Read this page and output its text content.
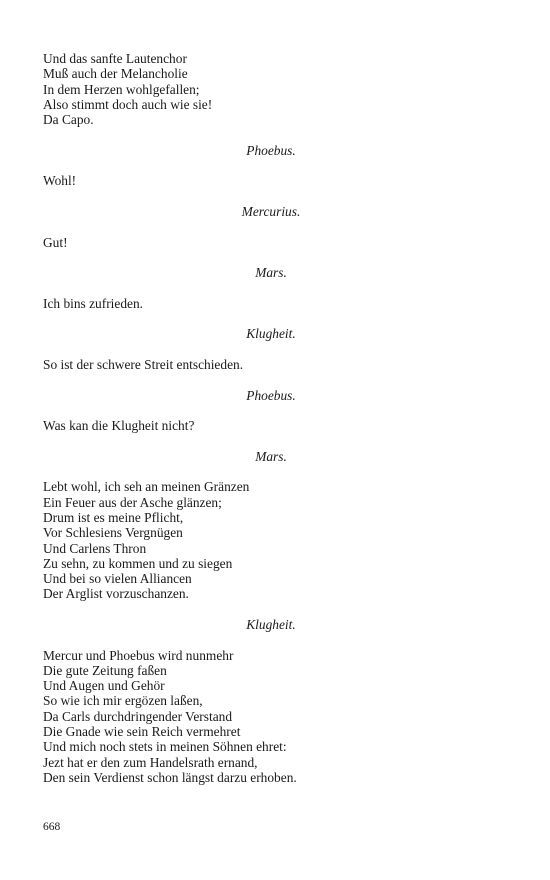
Und das sanfte Lautenchor
Muß auch der Melancholie
In dem Herzen wohlgefallen;
Also stimmt doch auch wie sie!
Da Capo.
Phoebus.
Wohl!
Mercurius.
Gut!
Mars.
Ich bins zufrieden.
Klugheit.
So ist der schwere Streit entschieden.
Phoebus.
Was kan die Klugheit nicht?
Mars.
Lebt wohl, ich seh an meinen Gränzen
Ein Feuer aus der Asche glänzen;
Drum ist es meine Pflicht,
Vor Schlesiens Vergnügen
Und Carlens Thron
Zu sehn, zu kommen und zu siegen
Und bei so vielen Alliancen
Der Arglist vorzuschanzen.
Klugheit.
Mercur und Phoebus wird nunmehr
Die gute Zeitung faßen
Und Augen und Gehör
So wie ich mir ergözen laßen,
Da Carls durchdringender Verstand
Die Gnade wie sein Reich vermehret
Und mich noch stets in meinen Söhnen ehret:
Jezt hat er den zum Handelsrath ernand,
Den sein Verdienst schon längst darzu erhoben.
668
